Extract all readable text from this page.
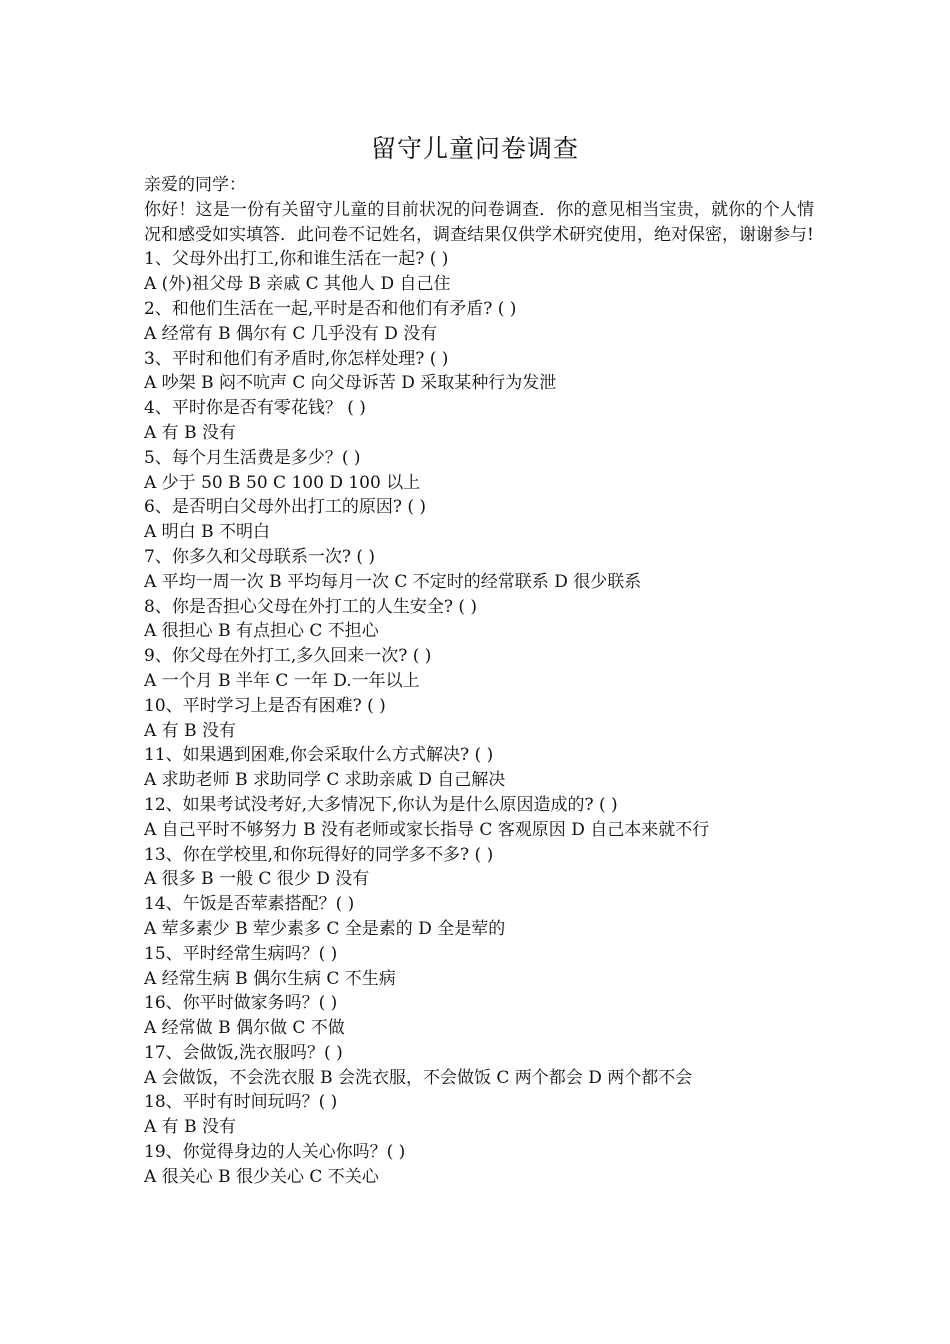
留守儿童问卷调查

亲爱的同学：

你好！这是一份有关留守儿童的目前状况的问卷调查．你的意见相当宝贵，就你的个人情况和感受如实填答．此问卷不记姓名，调查结果仅供学术研究使用，绝对保密，谢谢参与!

1、父母外出打工,你和谁生活在一起? ( )

A (外)祖父母 B 亲戚 C 其他人 D 自己住

2、和他们生活在一起,平时是否和他们有矛盾? ( )

A 经常有 B 偶尔有 C 几乎没有 D 没有

3、平时和他们有矛盾时,你怎样处理? ( )

A 吵架 B 闷不吭声 C 向父母诉苦 D 采取某种行为发泄

4、平时你是否有零花钱？ ( )

A 有 B 没有

5、每个月生活费是多少？( )

A 少于 50 B 50 C 100 D 100 以上

6、是否明白父母外出打工的原因? ( )

A 明白 B 不明白

7、你多久和父母联系一次? ( )

A 平均一周一次 B 平均每月一次 C 不定时的经常联系 D 很少联系

8、你是否担心父母在外打工的人生安全? ( )

A 很担心 B 有点担心 C 不担心

9、你父母在外打工,多久回来一次? ( )

A 一个月 B 半年 C 一年 D.一年以上

10、平时学习上是否有困难? ( )

A 有 B 没有

11、如果遇到困难,你会采取什么方式解决? ( )

A 求助老师 B 求助同学 C 求助亲戚 D 自己解决

12、如果考试没考好,大多情况下,你认为是什么原因造成的? ( )

A 自己平时不够努力 B 没有老师或家长指导 C 客观原因 D 自己本来就不行

13、你在学校里,和你玩得好的同学多不多? ( )

A 很多 B 一般 C 很少 D 没有

14、午饭是否荤素搭配？( )

A 荤多素少 B 荤少素多 C 全是素的 D 全是荤的

15、平时经常生病吗？( )

A 经常生病 B 偶尔生病 C 不生病

16、你平时做家务吗？( )

A 经常做 B 偶尔做 C 不做

17、会做饭,洗衣服吗？( )

A 会做饭，不会洗衣服 B 会洗衣服，不会做饭 C 两个都会 D 两个都不会

18、平时有时间玩吗？( )

A 有 B 没有

19、你觉得身边的人关心你吗？( )

A 很关心 B 很少关心 C 不关心
